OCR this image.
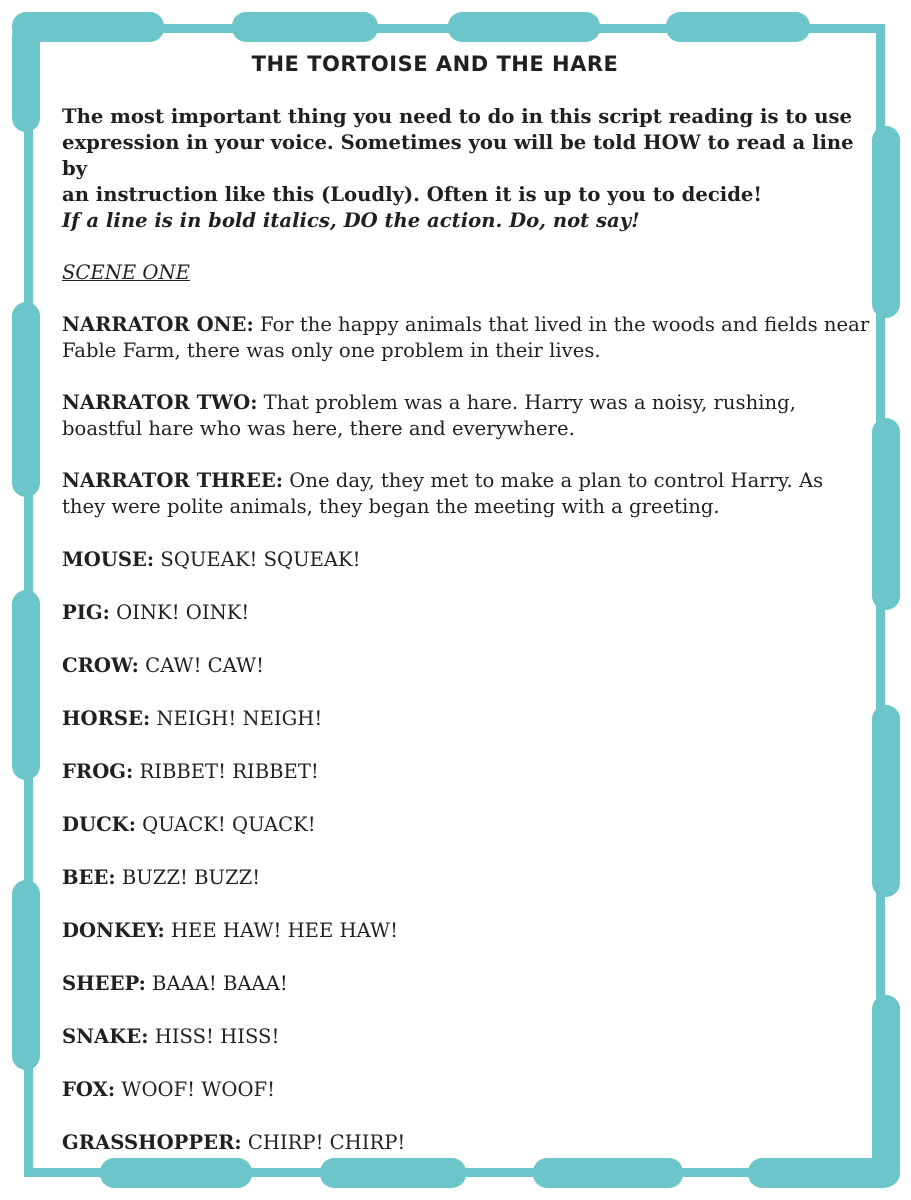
THE TORTOISE AND THE HARE

The most important thing you need to do in this script reading is to use
expression in your voice. Sometimes you will be told HOW to read a line by
an instruction like this (Loudly). Often it is up to you to decide!
If a line is in bold italics, DO the action. Do, not say!

SCENE ONE

NARRATOR ONE: For the happy animals that lived in the woods and fields near
Fable Farm, there was only one problem in their lives.

NARRATOR TWO: That problem was a hare. Harry was a noisy, rushing,
boastful hare who was here, there and everywhere.

NARRATOR THREE: One day, they met to make a plan to control Harry. As
they were polite animals, they began the meeting with a greeting.

MOUSE: SQUEAK! SQUEAK!

PIG: OINK! OINK!

CROW: CAW! CAW!

HORSE: NEIGH! NEIGH!

FROG: RIBBET! RIBBET!

DUCK: QUACK! QUACK!

BEE: BUZZ! BUZZ!

DONKEY: HEE HAW! HEE HAW!

SHEEP: BAAA! BAAA!

SNAKE: HISS! HISS!

FOX: WOOF! WOOF!

GRASSHOPPER: CHIRP! CHIRP!
